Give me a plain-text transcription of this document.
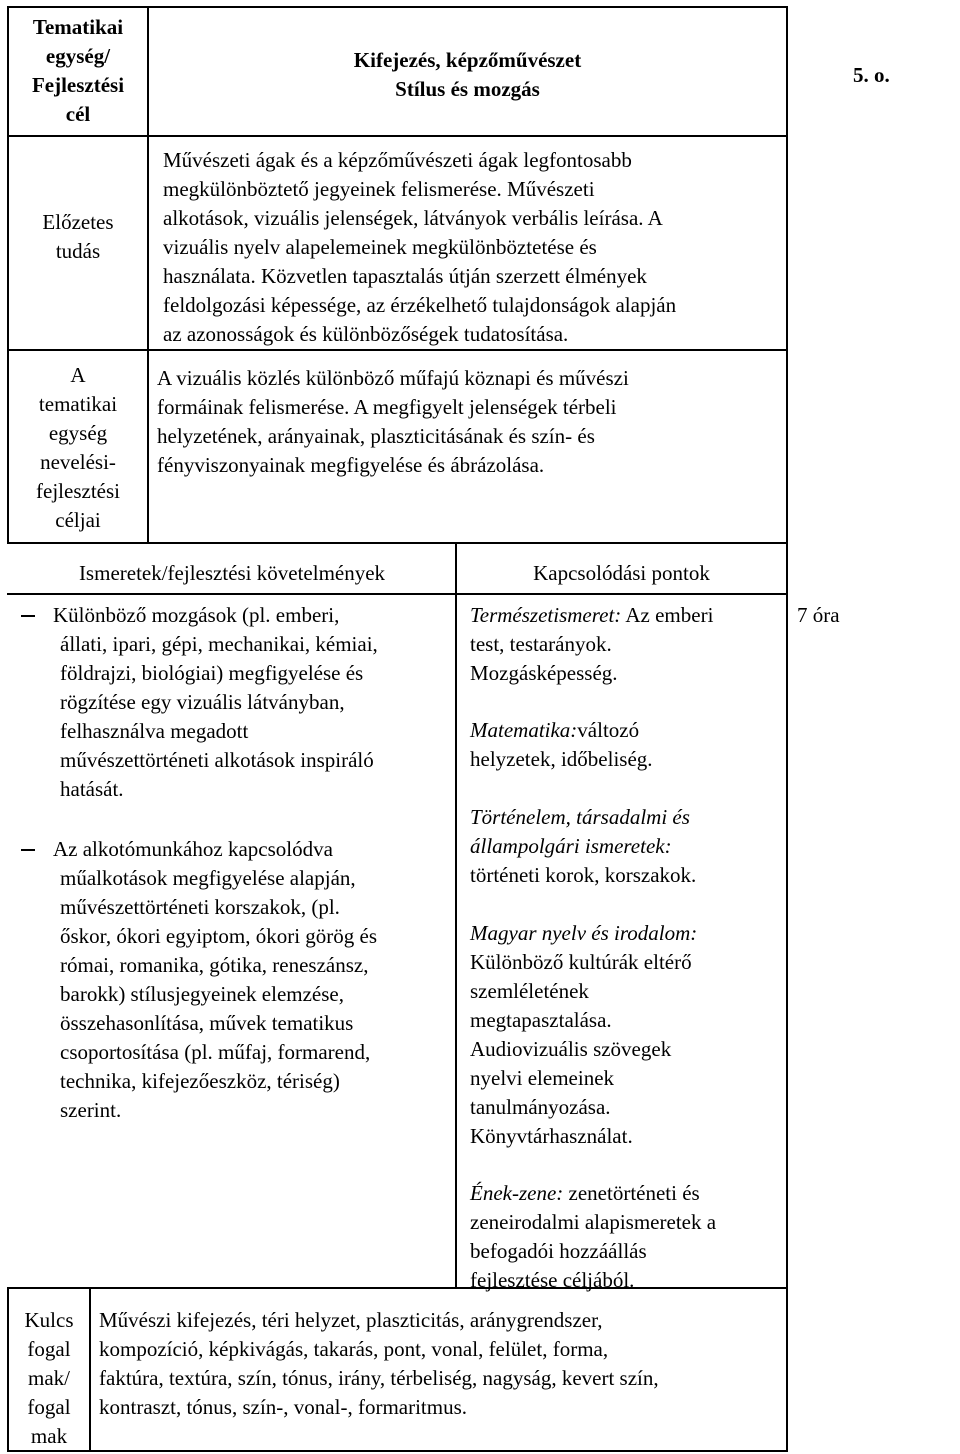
Tematikai
egység/
Fejlesztési
cél
Kifejezés, képzőművészet
Stílus és mozgás
5. o.
Előzetes
tudás
Művészeti ágak és a képzőművészeti ágak legfontosabb
megkülönböztető jegyeinek felismerése. Művészeti
alkotások, vizuális jelenségek, látványok verbális leírása. A
vizuális nyelv alapelemeinek megkülönböztetése és
használata. Közvetlen tapasztalás útján szerzett élmények
feldolgozási képessége, az érzékelhető tulajdonságok alapján
az azonosságok és különbözőségek tudatosítása.
A
tematikai
egység
nevelési-
fejlesztési
céljai
A vizuális közlés különböző műfajú köznapi és művészi
formáinak felismerése. A megfigyelt jelenségek térbeli
helyzetének, arányainak, plaszticitásának és szín- és
fényviszonyainak megfigyelése és ábrázolása.
Ismeretek/fejlesztési követelmények	Kapcsolódási pontok
Különböző mozgások (pl. emberi,
állati, ipari, gépi, mechanikai, kémiai,
földrajzi, biológiai) megfigyelése és
rögzítése egy vizuális látványban,
felhasználva megadott
művészettörténeti alkotások inspiráló
hatását.
Az alkotómunkához kapcsolódva
műalkotások megfigyelése alapján,
művészettörténeti korszakok, (pl.
őskor, ókori egyiptom, ókori görög és
római, romanika, gótika, reneszánsz,
barokk) stílusjegyeinek elemzése,
összehasonlítása, művek tematikus
csoportosítása (pl. műfaj, formarend,
technika, kifejezőeszköz, tériség)
szerint.
Természetismeret: Az emberi
test, testarányok.
Mozgásképesség.
Matematika:változó
helyzetek, időbeliség.
Történelem, társadalmi és
állampolgári ismeretek:
történeti korok, korszakok.
Magyar nyelv és irodalom:
Különböző kultúrák eltérő
szemléletének
megtapasztalása.
Audiovizuális szövegek
nyelvi elemeinek
tanulmányozása.
Könyvtárhasználat.
Ének-zene: zenetörténeti és
zeneirodalmi alapismeretek a
befogadói hozzáállás
fejlesztése céljából.
7 óra
Kulcs
fogal
mak/
fogal
mak
Művészi kifejezés, téri helyzet, plaszticitás, aránygrendszer,
kompozíció, képkivágás, takarás, pont, vonal, felület, forma,
faktúra, textúra, szín, tónus, irány, térbeliség, nagyság, kevert szín,
kontraszt, tónus, szín-, vonal-, formaritmus.
